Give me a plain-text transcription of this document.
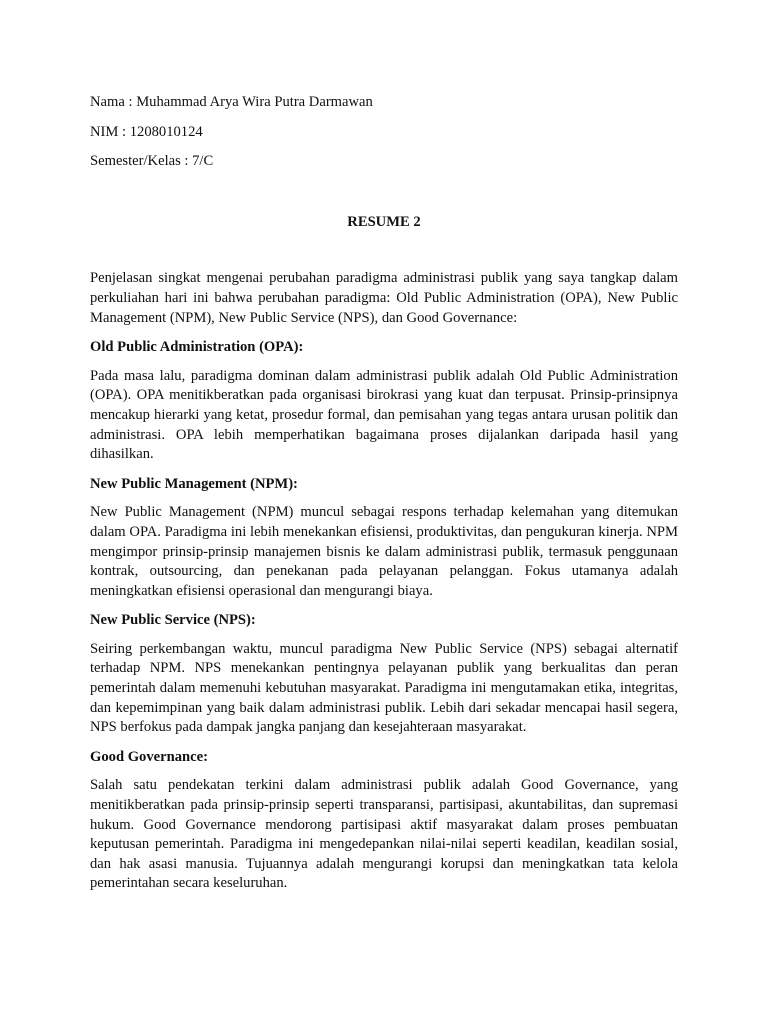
Nama : Muhammad Arya Wira Putra Darmawan

NIM : 1208010124

Semester/Kelas : 7/C

RESUME 2

Penjelasan singkat mengenai perubahan paradigma administrasi publik yang saya tangkap dalam perkuliahan hari ini bahwa perubahan paradigma: Old Public Administration (OPA), New Public Management (NPM), New Public Service (NPS), dan Good Governance:

Old Public Administration (OPA):

Pada masa lalu, paradigma dominan dalam administrasi publik adalah Old Public Administration (OPA). OPA menitikberatkan pada organisasi birokrasi yang kuat dan terpusat. Prinsip-prinsipnya mencakup hierarki yang ketat, prosedur formal, dan pemisahan yang tegas antara urusan politik dan administrasi. OPA lebih memperhatikan bagaimana proses dijalankan daripada hasil yang dihasilkan.

New Public Management (NPM):

New Public Management (NPM) muncul sebagai respons terhadap kelemahan yang ditemukan dalam OPA. Paradigma ini lebih menekankan efisiensi, produktivitas, dan pengukuran kinerja. NPM mengimpor prinsip-prinsip manajemen bisnis ke dalam administrasi publik, termasuk penggunaan kontrak, outsourcing, dan penekanan pada pelayanan pelanggan. Fokus utamanya adalah meningkatkan efisiensi operasional dan mengurangi biaya.

New Public Service (NPS):

Seiring perkembangan waktu, muncul paradigma New Public Service (NPS) sebagai alternatif terhadap NPM. NPS menekankan pentingnya pelayanan publik yang berkualitas dan peran pemerintah dalam memenuhi kebutuhan masyarakat. Paradigma ini mengutamakan etika, integritas, dan kepemimpinan yang baik dalam administrasi publik. Lebih dari sekadar mencapai hasil segera, NPS berfokus pada dampak jangka panjang dan kesejahteraan masyarakat.

Good Governance:

Salah satu pendekatan terkini dalam administrasi publik adalah Good Governance, yang menitikberatkan pada prinsip-prinsip seperti transparansi, partisipasi, akuntabilitas, dan supremasi hukum. Good Governance mendorong partisipasi aktif masyarakat dalam proses pembuatan keputusan pemerintah. Paradigma ini mengedepankan nilai-nilai seperti keadilan, keadilan sosial, dan hak asasi manusia. Tujuannya adalah mengurangi korupsi dan meningkatkan tata kelola pemerintahan secara keseluruhan.
